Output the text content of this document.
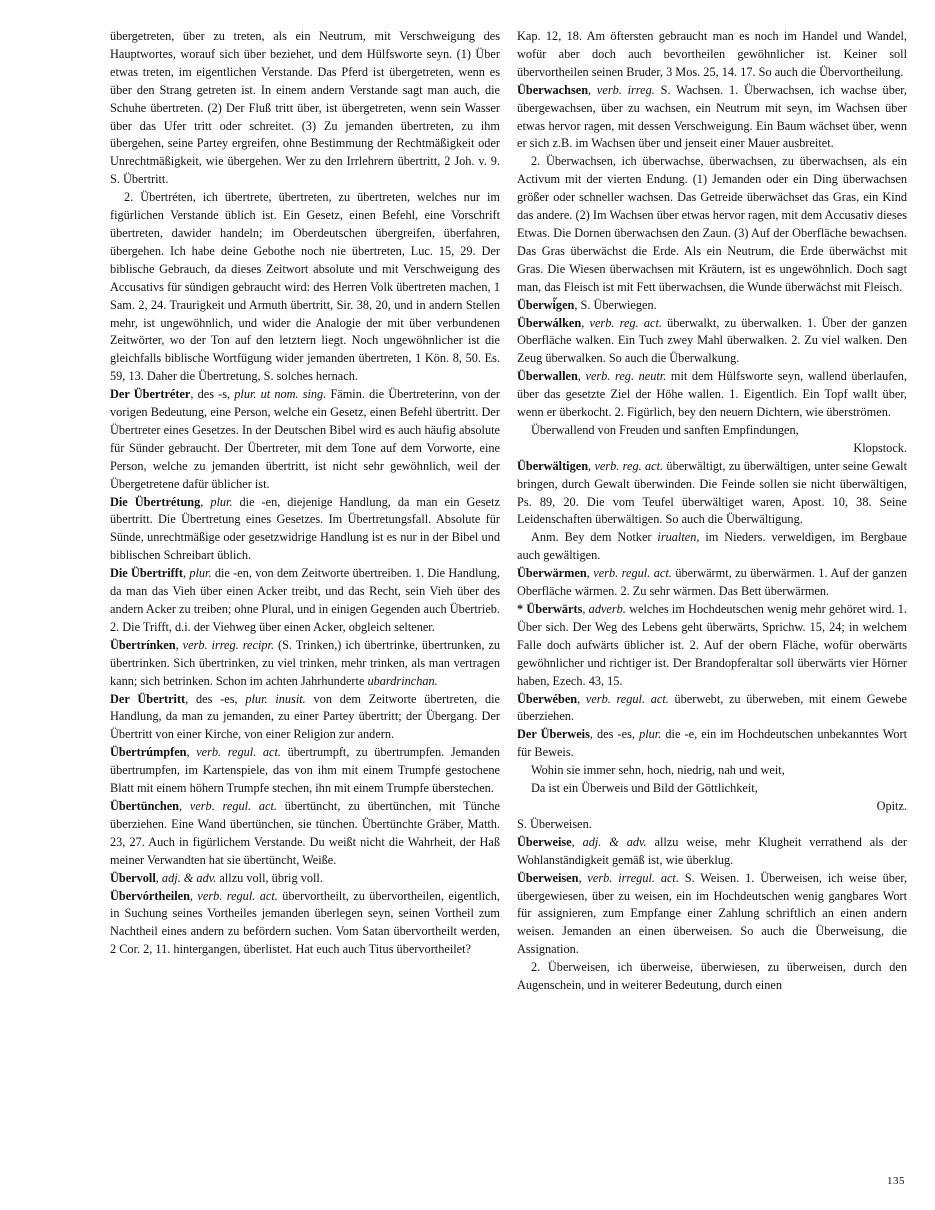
übergetreten, über zu treten, als ein Neutrum, mit Verschweigung des Hauptwortes, worauf sich über beziehet, und dem Hülfsworte seyn. (1) Über etwas treten, im eigentlichen Verstande. Das Pferd ist übergetreten, wenn es über den Strang getreten ist. In einem andern Verstande sagt man auch, die Schuhe übertreten. (2) Der Fluß tritt über, ist übergetreten, wenn sein Wasser über das Ufer tritt oder schreitet. (3) Zu jemanden übertreten, zu ihm übergehen, seine Partey ergreifen, ohne Bestimmung der Rechtmäßigkeit oder Unrechtmäßigkeit, wie übergehen. Wer zu den Irrlehrern übertritt, 2 Joh. v. 9. S. Übertritt.

2. Übertréten, ich übertrete, übertreten, zu übertreten, welches nur im figürlichen Verstande üblich ist. Ein Gesetz, einen Befehl, eine Vorschrift übertreten, dawider handeln; im Oberdeutschen übergreifen, überfahren, übergehen. Ich habe deine Gebothe noch nie übertreten, Luc. 15, 29. Der biblische Gebrauch, da dieses Zeitwort absolute und mit Verschweigung des Accusativs für sündigen gebraucht wird: des Herren Volk übertreten machen, 1 Sam. 2, 24. Traurigkeit und Armuth übertritt, Sir. 38, 20, und in andern Stellen mehr, ist ungewöhnlich, und wider die Analogie der mit über verbundenen Zeitwörter, wo der Ton auf den letztern liegt. Noch ungewöhnlicher ist die gleichfalls biblische Wortfügung wider jemanden übertreten, 1 Kön. 8, 50. Es. 59, 13. Daher die Übertretung, S. solches hernach.

Der Übertréter, des -s, plur. ut nom. sing. Fämin. die Übertreterinn, von der vorigen Bedeutung, eine Person, welche ein Gesetz, einen Befehl übertritt. Der Übertreter eines Gesetzes. In der Deutschen Bibel wird es auch häufig absolute für Sünder gebraucht. Der Übertreter, mit dem Tone auf dem Vorworte, eine Person, welche zu jemanden übertritt, ist nicht sehr gewöhnlich, weil der Übergetretene dafür üblicher ist.

Die Übertrétung, plur. die -en, diejenige Handlung, da man ein Gesetz übertritt. Die Übertretung eines Gesetzes. Im Übertretungsfall. Absolute für Sünde, unrechtmäßige oder gesetzwidrige Handlung ist es nur in der Bibel und biblischen Schreibart üblich.

Die Übertrifft, plur. die -en, von dem Zeitworte übertreiben. 1. Die Handlung, da man das Vieh über einen Acker treibt, und das Recht, sein Vieh über des andern Acker zu treiben; ohne Plural, und in einigen Gegenden auch Übertrieb. 2. Die Trifft, d.i. der Viehweg über einen Acker, obgleich seltener.

Übertrínken, verb. irreg. recipr. (S. Trinken,) ich übertrinke, übertrunken, zu übertrinken. Sich übertrinken, zu viel trinken, mehr trinken, als man vertragen kann; sich betrinken. Schon im achten Jahrhunderte ubardrinchan.

Der Übertritt, des -es, plur. inusit. von dem Zeitworte übertreten, die Handlung, da man zu jemanden, zu einer Partey übertritt; der Übergang. Der Übertritt von einer Kirche, von einer Religion zur andern.

Übertrúmpfen, verb. regul. act. übertrumpft, zu übertrumpfen. Jemanden übertrumpfen, im Kartenspiele, das von ihm mit einem Trumpfe gestochene Blatt mit einem höhern Trumpfe stechen, ihn mit einem Trumpfe überstechen.

Übertünchen, verb. regul. act. übertüncht, zu übertünchen, mit Tünche überziehen. Eine Wand übertünchen, sie tünchen. Übertünchte Gräber, Matth. 23, 27. Auch in figürlichem Verstande. Du weißt nicht die Wahrheit, der Haß meiner Verwandten hat sie übertüncht, Weiße.

Übervoll, adj. & adv. allzu voll, übrig voll.

Übervórtheilen, verb. regul. act. übervortheilt, zu übervortheilen, eigentlich, in Suchung seines Vortheiles jemanden überlegen seyn, seinen Vortheil zum Nachtheil eines andern zu befördern suchen. Vom Satan übervortheilt werden, 2 Cor. 2, 11. hintergangen, überlistet. Hat euch auch Titus übervortheilet?

Kap. 12, 18. Am öftersten gebraucht man es noch im Handel und Wandel, wofür aber doch auch bevortheilen gewöhnlicher ist. Keiner soll übervortheilen seinen Bruder, 3 Mos. 25, 14. 17. So auch die Übervortheilung.

Überwachsen, verb. irreg. S. Wachsen. 1. Überwachsen, ich wachse über, übergewachsen, über zu wachsen, ein Neutrum mit seyn, im Wachsen über etwas hervor ragen, mit dessen Verschweigung. Ein Baum wächset über, wenn er sich z.B. im Wachsen über und jenseit einer Mauer ausbreitet.

2. Überwachsen, ich überwachse, überwachsen, zu überwachsen, als ein Activum mit der vierten Endung. (1) Jemanden oder ein Ding überwachsen größer oder schneller wachsen. Das Getreide überwächset das Gras, ein Kind das andere. (2) Im Wachsen über etwas hervor ragen, mit dem Accusativ dieses Etwas. Die Dornen überwachsen den Zaun. (3) Auf der Oberfläche bewachsen. Das Gras überwächst die Erde. Als ein Neutrum, die Erde überwächst mit Gras. Die Wiesen überwachsen mit Kräutern, ist es ungewöhnlich. Doch sagt man, das Fleisch ist mit Fett überwachsen, die Wunde überwächst mit Fleisch.

Überwi̋gen, S. Überwiegen.

Überwálken, verb. reg. act. überwalkt, zu überwalken. 1. Über der ganzen Oberfläche walken. Ein Tuch zwey Mahl überwalken. 2. Zu viel walken. Den Zeug überwalken. So auch die Überwalkung.

Überwallen, verb. reg. neutr. mit dem Hülfsworte seyn, wallend überlaufen, über das gesetzte Ziel der Höhe wallen. 1. Eigentlich. Ein Topf wallt über, wenn er überkocht. 2. Figürlich, bey den neuern Dichtern, wie überströmen.

Überwallend von Freuden und sanften Empfindungen,

Klopstock.

Überwältigen, verb. reg. act. überwältigt, zu überwältigen, unter seine Gewalt bringen, durch Gewalt überwinden. Die Feinde sollen sie nicht überwältigen, Ps. 89, 20. Die vom Teufel überwältiget waren, Apost. 10, 38. Seine Leidenschaften überwältigen. So auch die Überwältigung.

Anm. Bey dem Notker irualten, im Nieders. verweldigen, im Bergbaue auch gewältigen.

Überwärmen, verb. regul. act. überwärmt, zu überwärmen. 1. Auf der ganzen Oberfläche wärmen. 2. Zu sehr wärmen. Das Bett überwärmen.

* Überwärts, adverb. welches im Hochdeutschen wenig mehr gehöret wird. 1. Über sich. Der Weg des Lebens geht überwärts, Sprichw. 15, 24; in welchem Falle doch aufwärts üblicher ist. 2. Auf der obern Fläche, wofür oberwärts gewöhnlicher und richtiger ist. Der Brandopferaltar soll überwärts vier Hörner haben, Ezech. 43, 15.

Überwében, verb. regul. act. überwebt, zu überweben, mit einem Gewebe überziehen.

Der Überweis, des -es, plur. die -e, ein im Hochdeutschen unbekanntes Wort für Beweis.

Wohin sie immer sehn, hoch, niedrig, nah und weit,

Da ist ein Überweis und Bild der Göttlichkeit,

Opitz.

S. Überweisen.

Überweise, adj. & adv. allzu weise, mehr Klugheit verrathend als der Wohlanständigkeit gemäß ist, wie überklug.

Überweisen, verb. irregul. act. S. Weisen. 1. Überweisen, ich weise über, übergewiesen, über zu weisen, ein im Hochdeutschen wenig gangbares Wort für assignieren, zum Empfange einer Zahlung schriftlich an einen andern weisen. Jemanden an einen überweisen. So auch die Überweisung, die Assignation.

2. Überweisen, ich überweise, überwiesen, zu überweisen, durch den Augenschein, und in weiterer Bedeutung, durch einen

135
